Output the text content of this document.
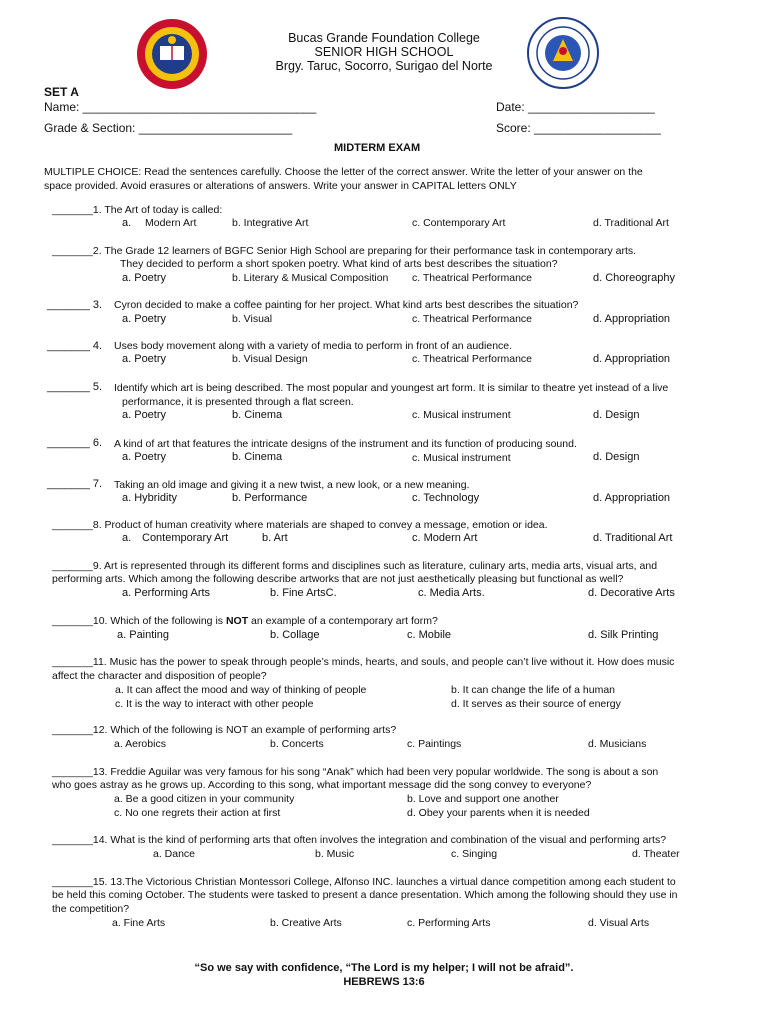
Bucas Grande Foundation College
SENIOR HIGH SCHOOL
Brgy. Taruc, Socorro, Surigao del Norte
SET A
Name: ___________________________________	Date: ___________________
Grade & Section: _______________________	Score: ___________________
MIDTERM EXAM
MULTIPLE CHOICE: Read the sentences carefully. Choose the letter of the correct answer. Write the letter of your answer on the
space provided. Avoid erasures or alterations of answers. Write your answer in CAPITAL letters ONLY
_______1. The Art of today is called:
a. Modern Art	b. Integrative Art	c. Contemporary Art	d. Traditional Art
_______2. The Grade 12 learners of BGFC Senior High School are preparing for their performance task in contemporary arts.
They decided to perform a short spoken poetry. What kind of arts best describes the situation?
a. Poetry	b. Literary & Musical Composition c. Theatrical Performance	d. Choreography
_______ 3. Cyron decided to make a coffee painting for her project. What kind arts best describes the situation?
a. Poetry	b. Visual	c. Theatrical Performance	d. Appropriation
_______ 4. Uses body movement along with a variety of media to perform in front of an audience.
a. Poetry	b. Visual Design	c. Theatrical Performance	d. Appropriation
_______ 5. Identify which art is being described. The most popular and youngest art form. It is similar to theatre yet instead of a live
performance, it is presented through a flat screen.
a. Poetry	b. Cinema	c. Musical instrument	d. Design
_______ 6. A kind of art that features the intricate designs of the instrument and its function of producing sound.
a. Poetry	b. Cinema	c. Musical instrument	d. Design
_______ 7. Taking an old image and giving it a new twist, a new look, or a new meaning.
a. Hybridity	b. Performance	c. Technology	d. Appropriation
_______8. Product of human creativity where materials are shaped to convey a message, emotion or idea.
a. Contemporary Art	b. Art	c. Modern Art	d. Traditional Art
_______9. Art is represented through its different forms and disciplines such as literature, culinary arts, media arts, visual arts, and
performing arts. Which among the following describe artworks that are not just aesthetically pleasing but functional as well?
a. Performing Arts	b. Fine ArtsC.	c. Media Arts.	d. Decorative Arts
_______10. Which of the following is NOT an example of a contemporary art form?
a. Painting	b. Collage	c. Mobile	d. Silk Printing
_______11. Music has the power to speak through people’s minds, hearts, and souls, and people can’t live without it. How does music
affect the character and disposition of people?
a. It can affect the mood and way of thinking of people	b. It can change the life of a human
c. It is the way to interact with other people	d. It serves as their source of energy
_______12. Which of the following is NOT an example of performing arts?
a. Aerobics	b. Concerts	c. Paintings	d. Musicians
_______13. Freddie Aguilar was very famous for his song “Anak” which had been very popular worldwide. The song is about a son
who goes astray as he grows up. According to this song, what important message did the song convey to everyone?
a. Be a good citizen in your community	b. Love and support one another
c. No one regrets their action at first	d. Obey your parents when it is needed
_______14. What is the kind of performing arts that often involves the integration and combination of the visual and performing arts?
a. Dance	b. Music	c. Singing	d. Theater
_______15. 13.The Victorious Christian Montessori College, Alfonso INC. launches a virtual dance competition among each student to
be held this coming October. The students were tasked to present a dance presentation. Which among the following should they use in
the competition?
a. Fine Arts	b. Creative Arts	c. Performing Arts	d. Visual Arts
“So we say with confidence, “The Lord is my helper; I will not be afraid”.
HEBREWS 13:6
